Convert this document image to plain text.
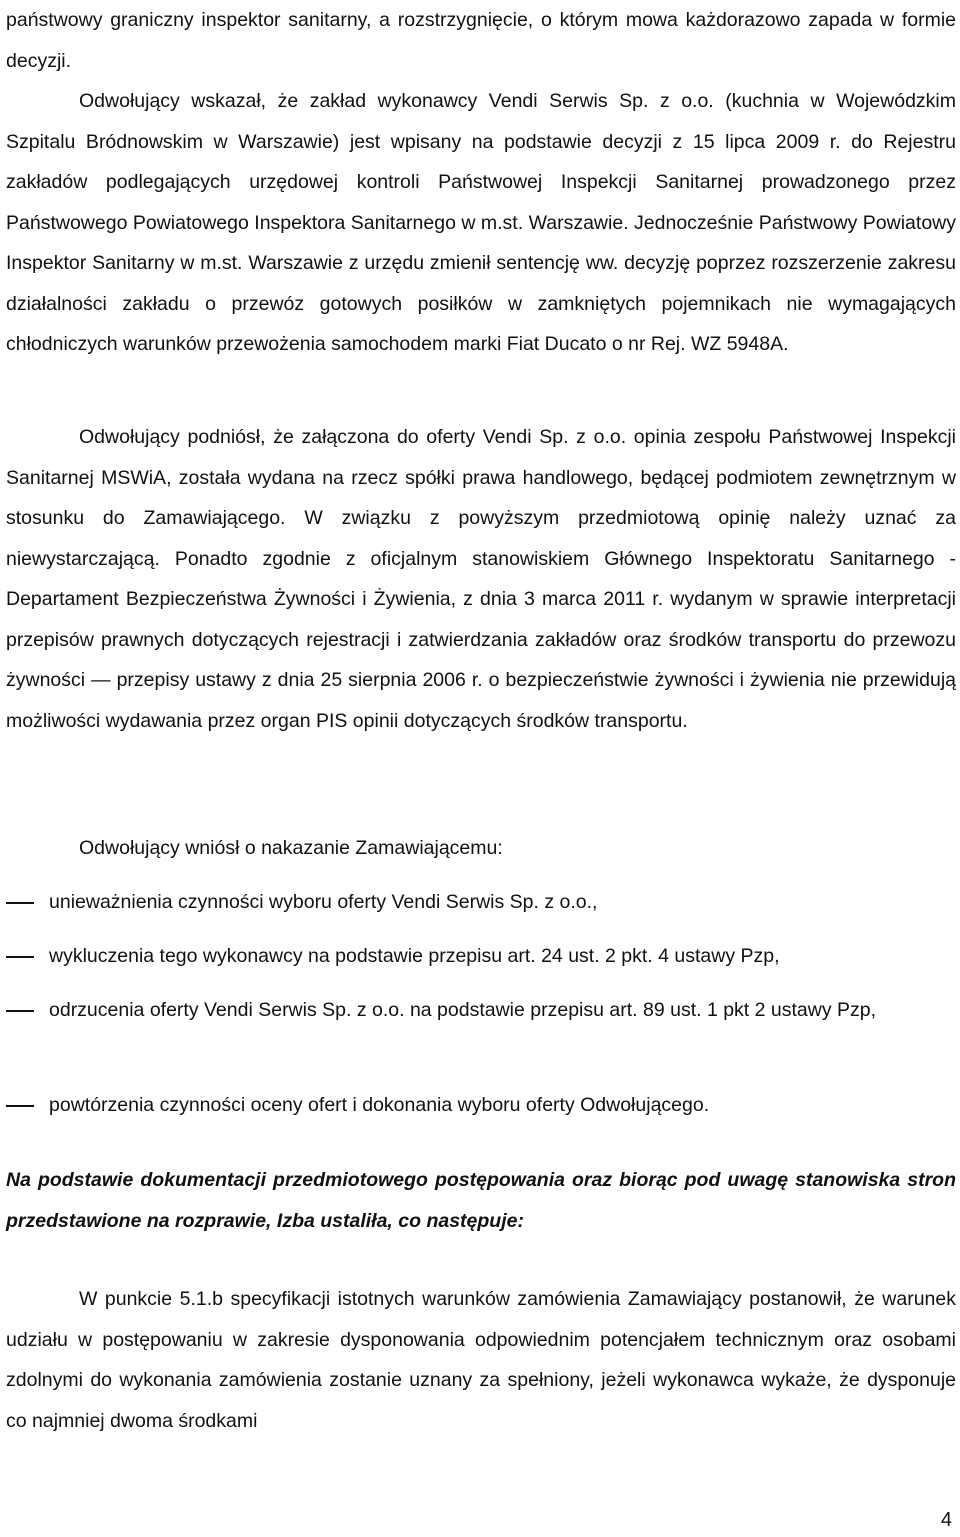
państwowy graniczny inspektor sanitarny, a rozstrzygnięcie, o którym mowa każdorazowo zapada w formie decyzji.

Odwołujący wskazał, że zakład wykonawcy Vendi Serwis Sp. z o.o. (kuchnia w Wojewódzkim Szpitalu Bródnowskim w Warszawie) jest wpisany na podstawie decyzji z 15 lipca 2009 r. do Rejestru zakładów podlegających urzędowej kontroli Państwowej Inspekcji Sanitarnej prowadzonego przez Państwowego Powiatowego Inspektora Sanitarnego w m.st. Warszawie. Jednocześnie Państwowy Powiatowy Inspektor Sanitarny w m.st. Warszawie z urzędu zmienił sentencję ww. decyzję poprzez rozszerzenie zakresu działalności zakładu o przewóz gotowych posiłków w zamkniętych pojemnikach nie wymagających chłodniczych warunków przewożenia samochodem marki Fiat Ducato o nr Rej. WZ 5948A.

Odwołujący podniósł, że załączona do oferty Vendi Sp. z o.o. opinia zespołu Państwowej Inspekcji Sanitarnej MSWiA, została wydana na rzecz spółki prawa handlowego, będącej podmiotem zewnętrznym w stosunku do Zamawiającego. W związku z powyższym przedmiotową opinię należy uznać za niewystarczającą. Ponadto zgodnie z oficjalnym stanowiskiem Głównego Inspektoratu Sanitarnego - Departament Bezpieczeństwa Żywności i Żywienia, z dnia 3 marca 2011 r. wydanym w sprawie interpretacji przepisów prawnych dotyczących rejestracji i zatwierdzania zakładów oraz środków transportu do przewozu żywności — przepisy ustawy z dnia 25 sierpnia 2006 r. o bezpieczeństwie żywności i żywienia nie przewidują możliwości wydawania przez organ PIS opinii dotyczących środków transportu.

Odwołujący wniósł o nakazanie Zamawiającemu:

unieważnienia czynności wyboru oferty Vendi Serwis Sp. z o.o.,
wykluczenia tego wykonawcy na podstawie przepisu art. 24 ust. 2 pkt. 4 ustawy Pzp,
odrzucenia oferty Vendi Serwis Sp. z o.o. na podstawie przepisu art. 89 ust. 1 pkt 2 ustawy Pzp,
powtórzenia czynności oceny ofert i dokonania wyboru oferty Odwołującego.

Na podstawie dokumentacji przedmiotowego postępowania oraz biorąc pod uwagę stanowiska stron przedstawione na rozprawie, Izba ustaliła, co następuje:

W punkcie 5.1.b specyfikacji istotnych warunków zamówienia Zamawiający postanowił, że warunek udziału w postępowaniu w zakresie dysponowania odpowiednim potencjałem technicznym oraz osobami zdolnymi do wykonania zamówienia zostanie uznany za spełniony, jeżeli wykonawca wykaże, że dysponuje co najmniej dwoma środkami

4
